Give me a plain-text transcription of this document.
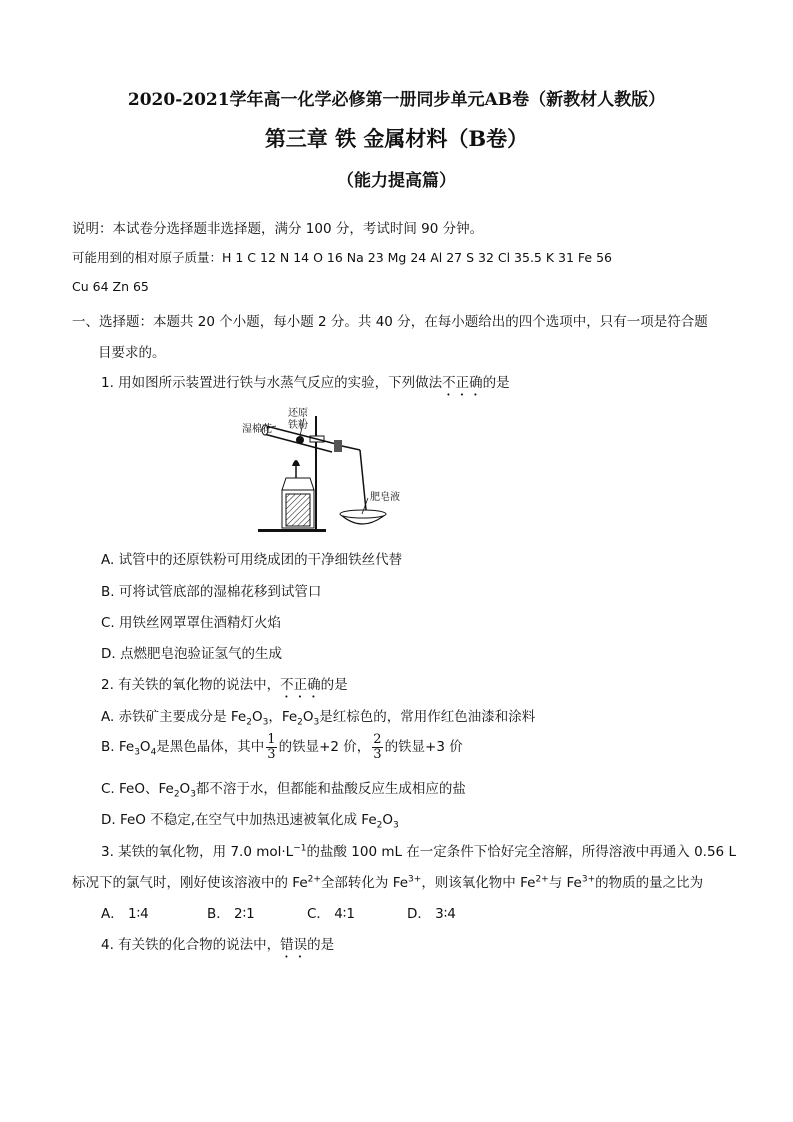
2020-2021学年高一化学必修第一册同步单元AB卷（新教材人教版）
第三章 铁 金属材料（B卷）
（能力提高篇）
说明：本试卷分选择题非选择题，满分 100 分，考试时间 90 分钟。
可能用到的相对原子质量：H 1 C 12 N 14 O 16 Na 23 Mg 24 Al 27 S 32 Cl 35.5 K 31 Fe 56
Cu 64 Zn 65
一、选择题：本题共 20 个小题，每小题 2 分。共 40 分，在每小题给出的四个选项中，只有一项是符合题
目要求的。
1. 用如图所示装置进行铁与水蒸气反应的实验，下列做法不正确的是
湿棉花
还原
铁粉
肥皂液
A. 试管中的还原铁粉可用绕成团的干净细铁丝代替
B. 可将试管底部的湿棉花移到试管口
C. 用铁丝网罩罩住酒精灯火焰
D. 点燃肥皂泡验证氢气的生成
2. 有关铁的氧化物的说法中，不正确的是
A. 赤铁矿主要成分是 $Fe_2O_3$，$Fe_2O_3$是红棕色的，常用作红色油漆和涂料
B. $Fe_3O_4$是黑色晶体，其中 $\frac{1}{3}$ 的铁显+2 价， $\frac{2}{3}$ 的铁显+3 价
C. FeO、$Fe_2O_3$都不溶于水，但都能和盐酸反应生成相应的盐
D. FeO 不稳定,在空气中加热迅速被氧化成 $Fe_2O_3$
3. 某铁的氧化物，用 7.0 $mol\cdot L^{-1}$的盐酸 100 mL 在一定条件下恰好完全溶解，所得溶液中再通入 0.56 L
标况下的氯气时，刚好使该溶液中的 $Fe^{2+}$全部转化为 $Fe^{3+}$，则该氧化物中 $Fe^{2+}$与 $Fe^{3+}$的物质的量之比为
A． 1∶4	B． 2∶1	C． 4∶1	D． 3∶4
4. 有关铁的化合物的说法中，错误的是
